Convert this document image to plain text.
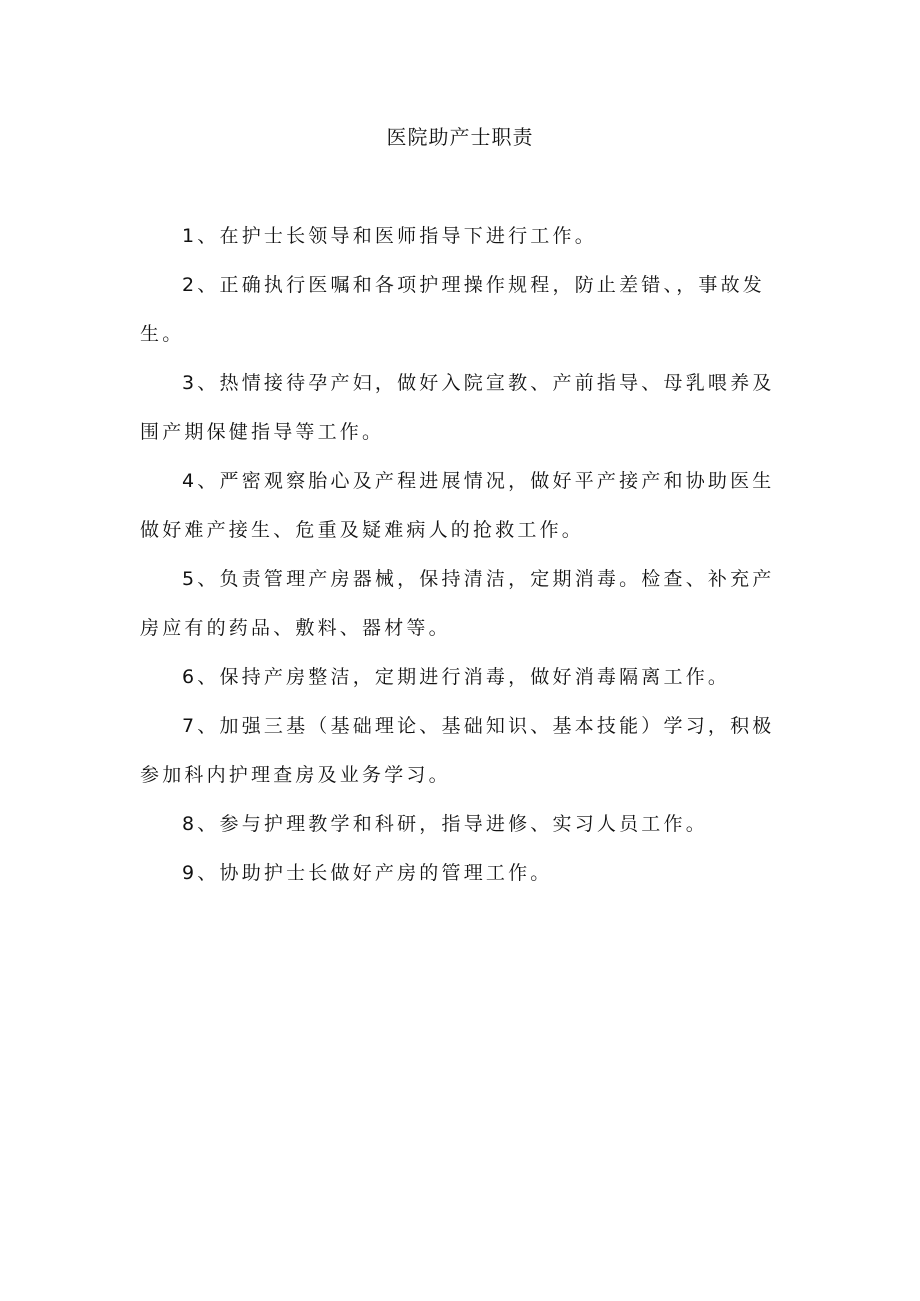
医院助产士职责
1、在护士长领导和医师指导下进行工作。
2、正确执行医嘱和各项护理操作规程，防止差错、，事故发生。
3、热情接待孕产妇，做好入院宣教、产前指导、母乳喂养及围产期保健指导等工作。
4、严密观察胎心及产程进展情况，做好平产接产和协助医生做好难产接生、危重及疑难病人的抢救工作。
5、负责管理产房器械，保持清洁，定期消毒。检查、补充产房应有的药品、敷料、器材等。
6、保持产房整洁，定期进行消毒，做好消毒隔离工作。
7、加强三基（基础理论、基础知识、基本技能）学习，积极参加科内护理查房及业务学习。
8、参与护理教学和科研，指导进修、实习人员工作。
9、协助护士长做好产房的管理工作。
